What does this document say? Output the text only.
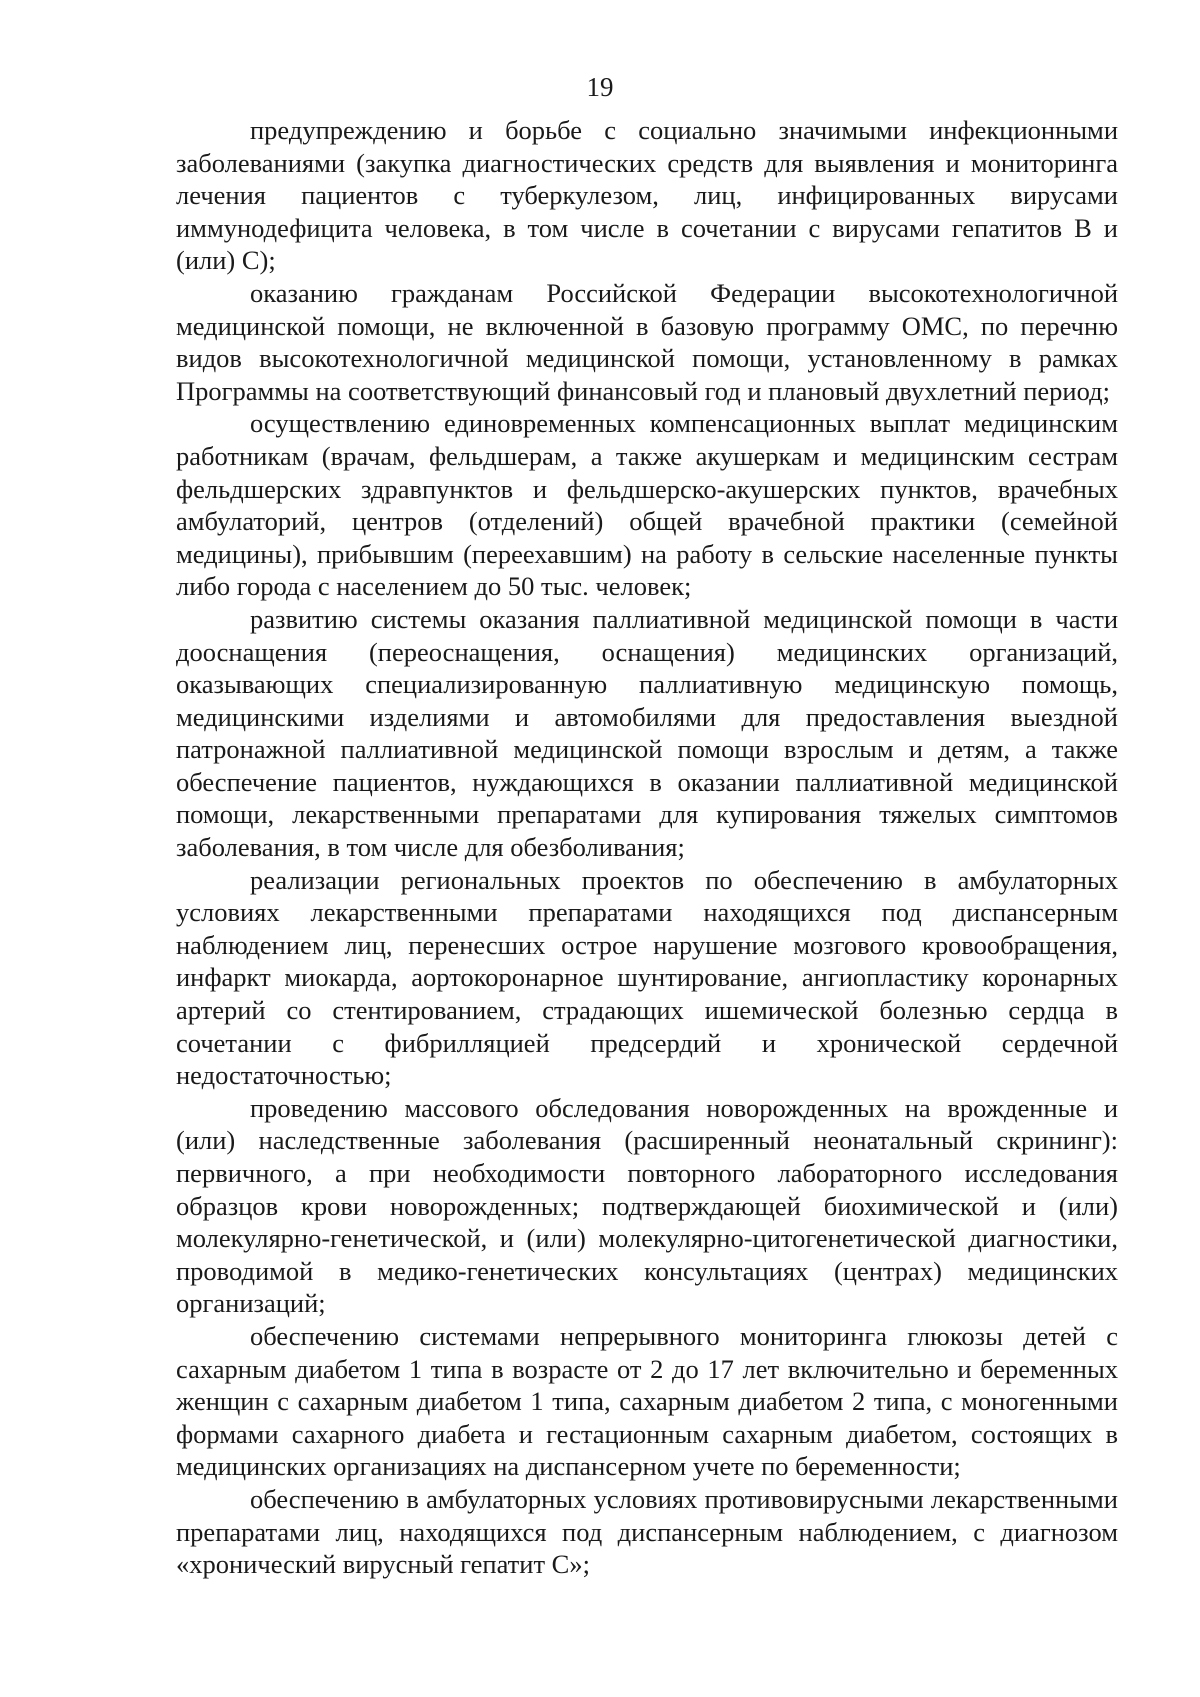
19

предупреждению и борьбе с социально значимыми инфекционными заболеваниями (закупка диагностических средств для выявления и мониторинга лечения пациентов с туберкулезом, лиц, инфицированных вирусами иммунодефицита человека, в том числе в сочетании с вирусами гепатитов B и (или) C);

оказанию гражданам Российской Федерации высокотехнологичной медицинской помощи, не включенной в базовую программу ОМС, по перечню видов высокотехнологичной медицинской помощи, установленному в рамках Программы на соответствующий финансовый год и плановый двухлетний период;

осуществлению единовременных компенсационных выплат медицинским работникам (врачам, фельдшерам, а также акушеркам и медицинским сестрам фельдшерских здравпунктов и фельдшерско-акушерских пунктов, врачебных амбулаторий, центров (отделений) общей врачебной практики (семейной медицины), прибывшим (переехавшим) на работу в сельские населенные пункты либо города с населением до 50 тыс. человек;

развитию системы оказания паллиативной медицинской помощи в части дооснащения (переоснащения, оснащения) медицинских организаций, оказывающих специализированную паллиативную медицинскую помощь, медицинскими изделиями и автомобилями для предоставления выездной патронажной паллиативной медицинской помощи взрослым и детям, а также обеспечение пациентов, нуждающихся в оказании паллиативной медицинской помощи, лекарственными препаратами для купирования тяжелых симптомов заболевания, в том числе для обезболивания;

реализации региональных проектов по обеспечению в амбулаторных условиях лекарственными препаратами находящихся под диспансерным наблюдением лиц, перенесших острое нарушение мозгового кровообращения, инфаркт миокарда, аортокоронарное шунтирование, ангиопластику коронарных артерий со стентированием, страдающих ишемической болезнью сердца в сочетании с фибрилляцией предсердий и хронической сердечной недостаточностью;

проведению массового обследования новорожденных на врожденные и (или) наследственные заболевания (расширенный неонатальный скрининг): первичного, а при необходимости повторного лабораторного исследования образцов крови новорожденных; подтверждающей биохимической и (или) молекулярно-генетической, и (или) молекулярно-цитогенетической диагностики, проводимой в медико-генетических консультациях (центрах) медицинских организаций;

обеспечению системами непрерывного мониторинга глюкозы детей с сахарным диабетом 1 типа в возрасте от 2 до 17 лет включительно и беременных женщин с сахарным диабетом 1 типа, сахарным диабетом 2 типа, с моногенными формами сахарного диабета и гестационным сахарным диабетом, состоящих в медицинских организациях на диспансерном учете по беременности;

обеспечению в амбулаторных условиях противовирусными лекарственными препаратами лиц, находящихся под диспансерным наблюдением, с диагнозом «хронический вирусный гепатит C»;
